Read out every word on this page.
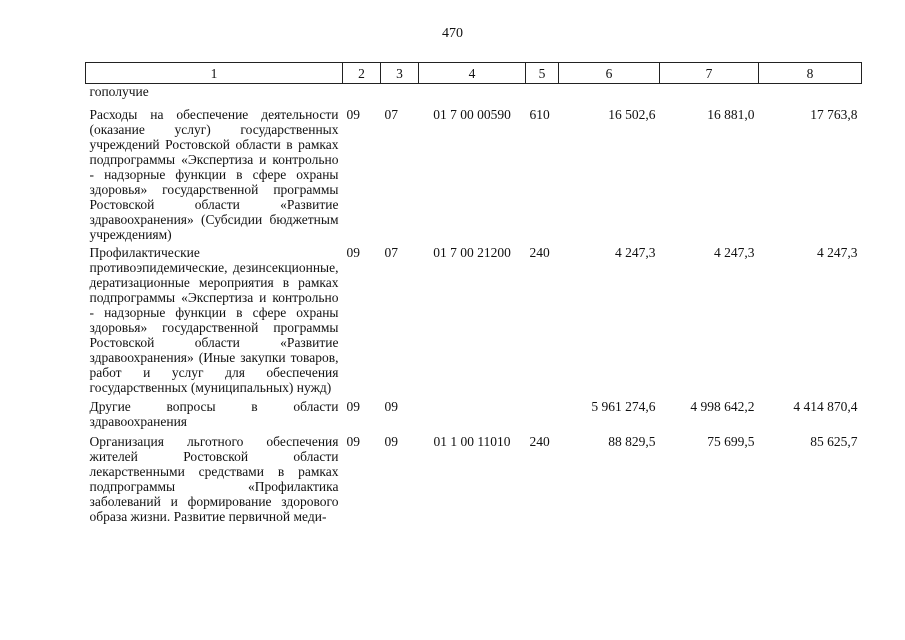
470
1	2	3	4	5	6	7	8
гополучие							
Расходы на обеспечение деятельности (оказание услуг) государственных учреждений Ростовской области в рамках подпрограммы «Экспертиза и контрольно - надзорные функции в сфере охраны здоровья» государственной программы Ростовской области «Развитие здравоохранения» (Субсидии бюджетным учреждениям)	09	07	01 7 00 00590	610	16 502,6	16 881,0	17 763,8
Профилактические противоэпидемические, дезинсекционные, дератизационные мероприятия в рамках подпрограммы «Экспертиза и контрольно - надзорные функции в сфере охраны здоровья» государственной программы Ростовской области «Развитие здравоохранения» (Иные закупки товаров, работ и услуг для обеспечения государственных (муниципальных) нужд)	09	07	01 7 00 21200	240	4 247,3	4 247,3	4 247,3
Другие вопросы в области здравоохранения	09	09			5 961 274,6	4 998 642,2	4 414 870,4
Организация льготного обеспечения жителей Ростовской области лекарственными средствами в рамках подпрограммы «Профилактика заболеваний и формирование здорового образа жизни. Развитие первичной меди-	09	09	01 1 00 11010	240	88 829,5	75 699,5	85 625,7
